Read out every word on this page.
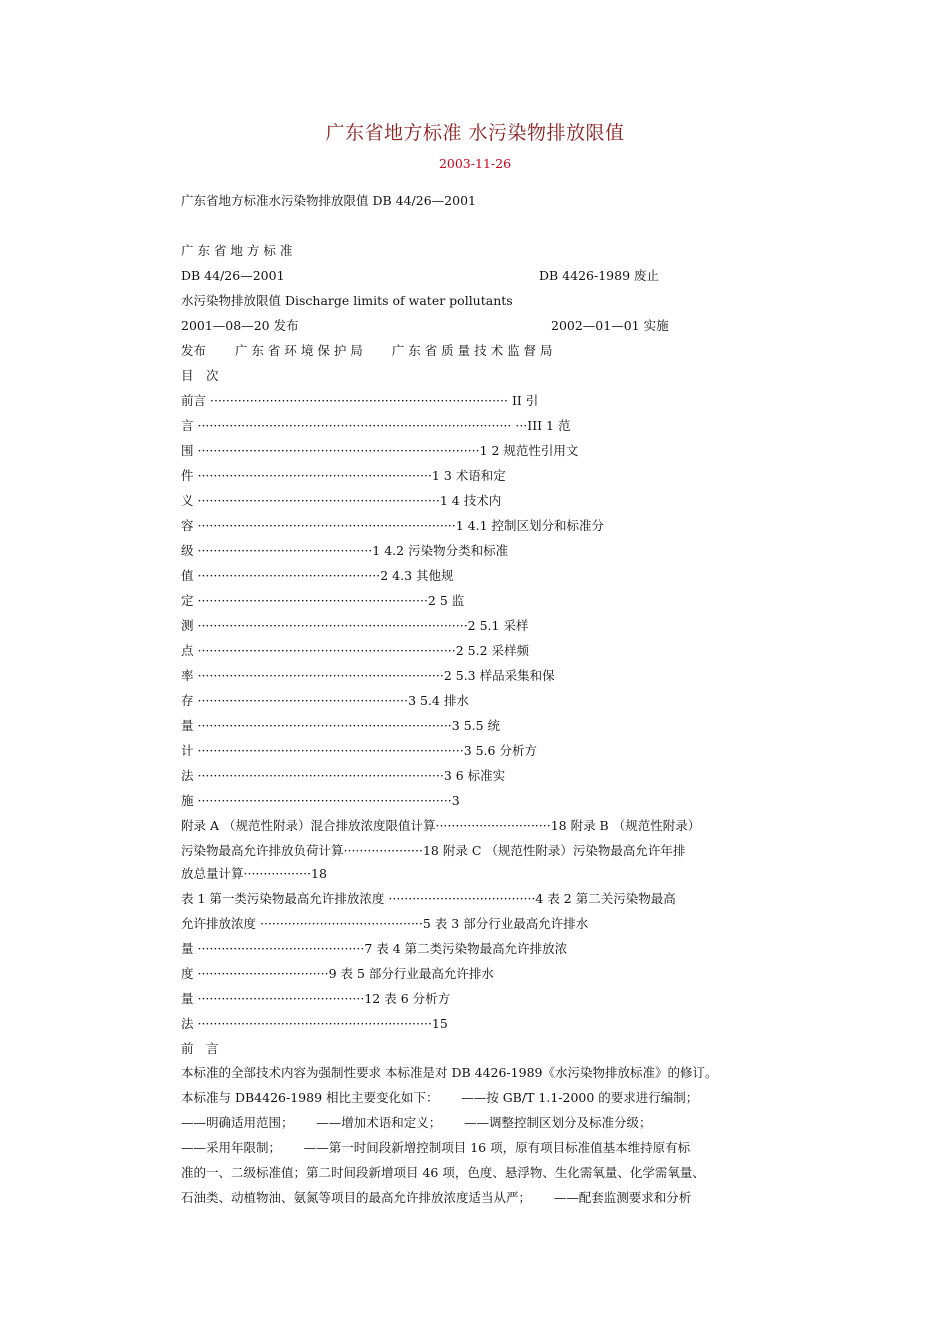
广东省地方标准 水污染物排放限值
2003-11-26
广东省地方标准水污染物排放限值 DB 44/26—2001
广 东 省 地 方 标 准
DB 44/26—2001	DB 4426-1989 废止
水污染物排放限值 Discharge limits of water pollutants
2001—08—20 发布	2002—01—01 实施
发布　　 广 东 省 环 境 保 护 局　　 广 东 省 质 量 技 术 监 督 局
目　次
前言 ··········································································· II 引
言 ··············································································· ···III 1 范
围 ·······································································1 2 规范性引用文
件 ···························································1 3 术语和定
义 ·····························································1 4 技术内
容 ·································································1 4.1 控制区划分和标准分
级 ············································1 4.2 污染物分类和标准
值 ··············································2 4.3 其他规
定 ··························································2 5 监
测 ····································································2 5.1 采样
点 ·································································2 5.2 采样频
率 ······························································2 5.3 样品采集和保
存 ·····················································3 5.4 排水
量 ································································3 5.5 统
计 ···································································3 5.6 分析方
法 ······························································3 6 标准实
施 ································································3
附录 A （规范性附录）混合排放浓度限值计算·····························18 附录 B （规范性附录）
污染物最高允许排放负荷计算····················18 附录 C （规范性附录）污染物最高允许年排
放总量计算·················18
表 1 第一类污染物最高允许排放浓度 ·····································4 表 2 第二关污染物最高
允许排放浓度 ·········································5 表 3 部分行业最高允许排水
量 ··········································7 表 4 第二类污染物最高允许排放浓
度 ·································9 表 5 部分行业最高允许排水
量 ··········································12 表 6 分析方
法 ···························································15
前　言
本标准的全部技术内容为强制性要求 本标准是对 DB 4426-1989《水污染物排放标准》的修订。
本标准与 DB4426-1989 相比主要变化如下：　　 ——按 GB/T 1.1-2000 的要求进行编制；
——明确适用范围；　　 ——增加术语和定义；　　 ——调整控制区划分及标准分级；
——采用年限制；　　 ——第一时间段新增控制项目 16 项，原有项目标准值基本维持原有标
准的一、二级标准值；第二时间段新增项目 46 项，色度、悬浮物、生化需氧量、化学需氧量、
石油类、动植物油、氨氮等项目的最高允许排放浓度适当从严；　　 ——配套监测要求和分析
